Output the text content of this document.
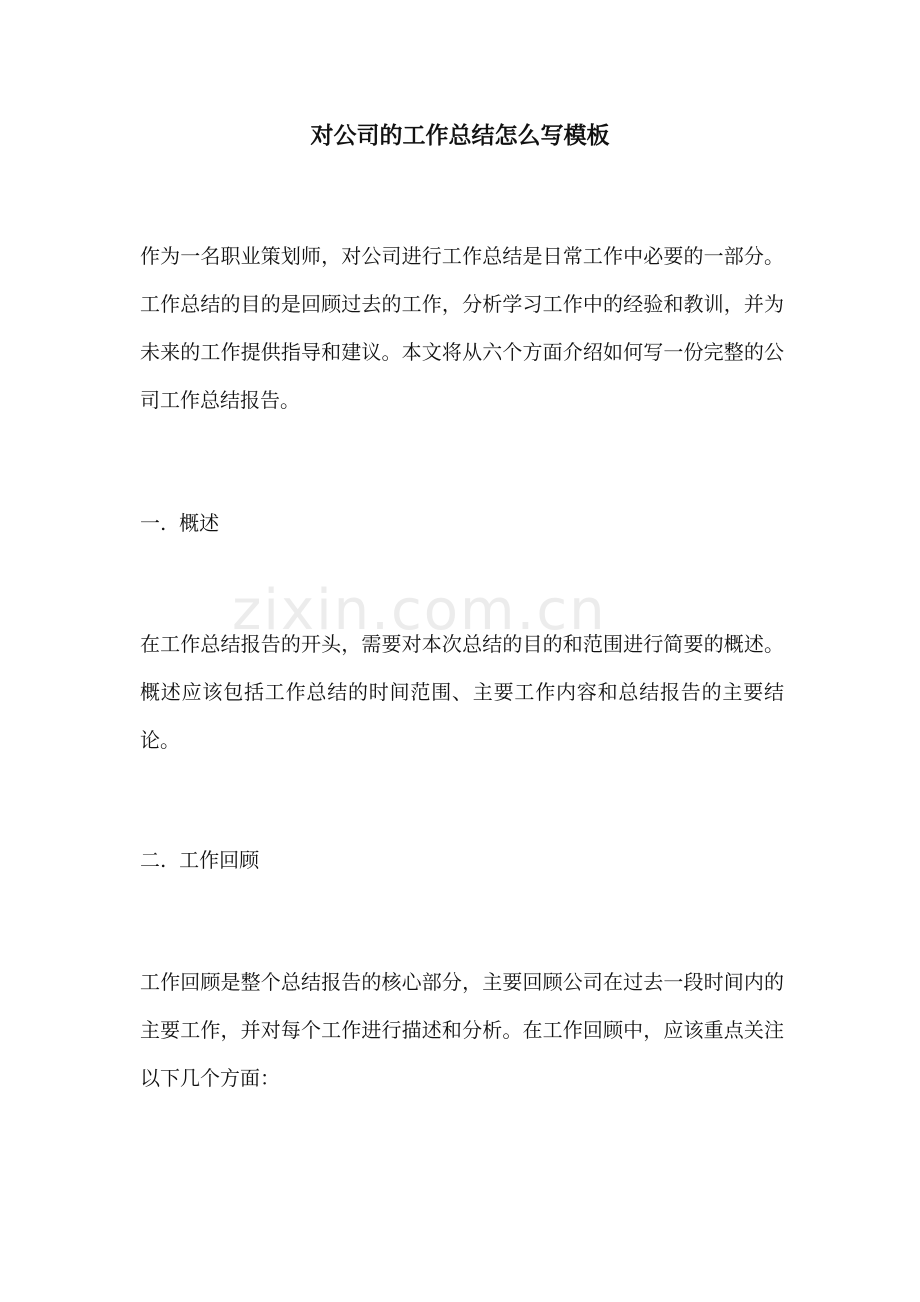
zixin.com.cn
对公司的工作总结怎么写模板

作为一名职业策划师，对公司进行工作总结是日常工作中必要的一部分。工作总结的目的是回顾过去的工作，分析学习工作中的经验和教训，并为未来的工作提供指导和建议。本文将从六个方面介绍如何写一份完整的公司工作总结报告。

一.  概述

在工作总结报告的开头，需要对本次总结的目的和范围进行简要的概述。概述应该包括工作总结的时间范围、主要工作内容和总结报告的主要结论。

二.  工作回顾

工作回顾是整个总结报告的核心部分，主要回顾公司在过去一段时间内的主要工作，并对每个工作进行描述和分析。在工作回顾中，应该重点关注以下几个方面：
